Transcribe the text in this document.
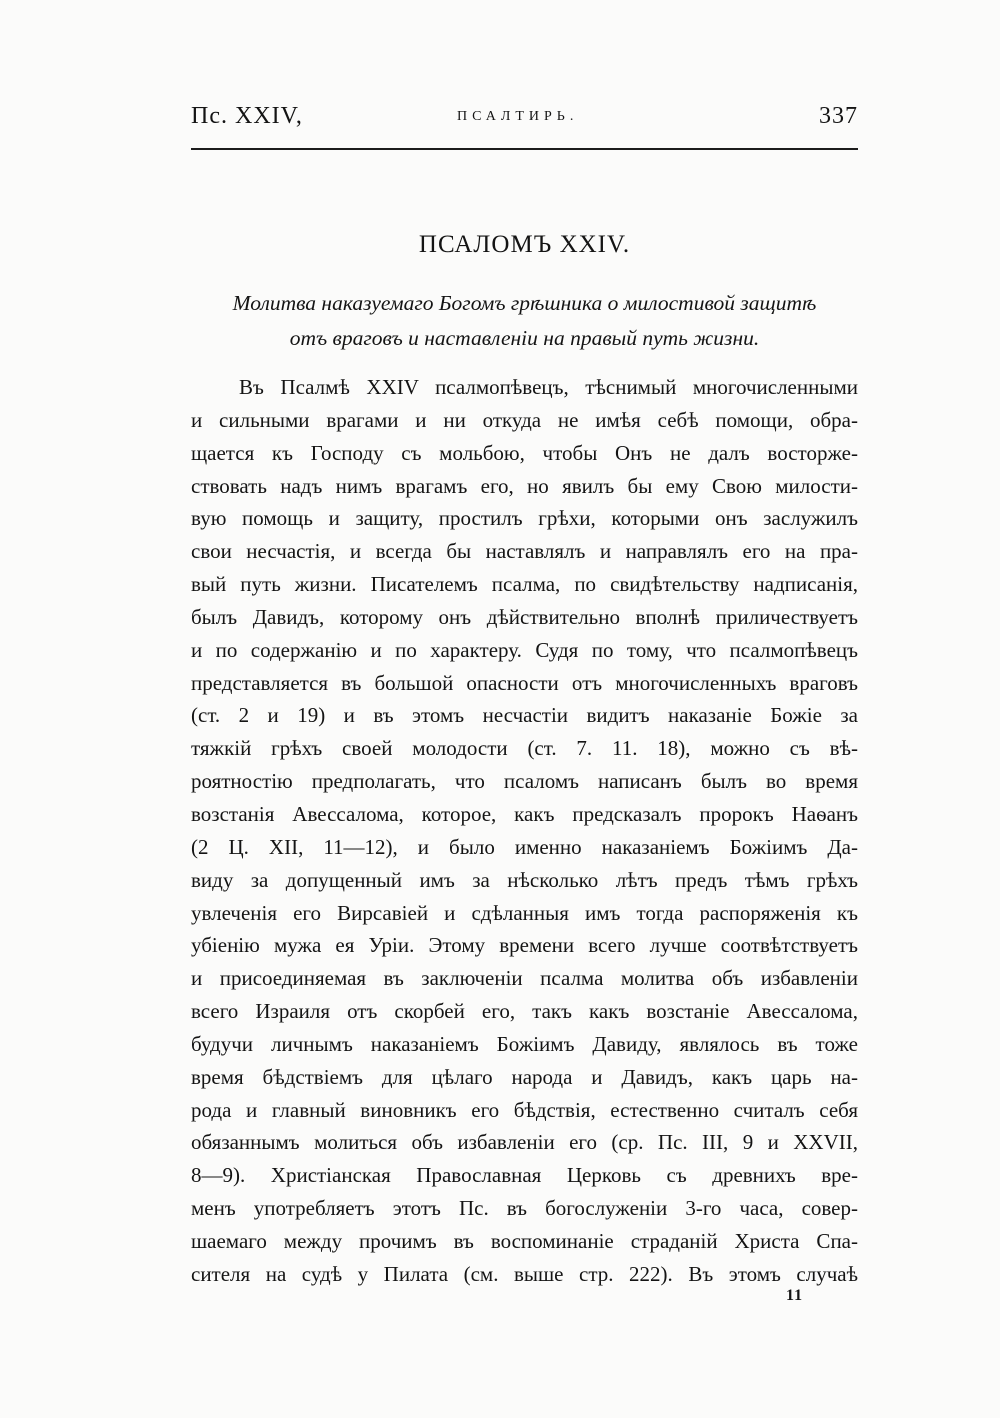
Пс. XXIV,	ПСАЛТИРЬ.	337
ПСАЛОМЪ XXIV.
Молитва наказуемаго Богомъ грѣшника о милостивой защитѣ
отъ враговъ и наставленіи на правый путь жизни.
Въ Псалмѣ XXIV псалмопѣвецъ, тѣснимый многочисленными
и сильными врагами и ни откуда не имѣя себѣ помощи, обра-
щается къ Господу съ мольбою, чтобы Онъ не далъ восторже-
ствовать надъ нимъ врагамъ его, но явилъ бы ему Свою милости-
вую помощь и защиту, простилъ грѣхи, которыми онъ заслужилъ
свои несчастія, и всегда бы наставлялъ и направлялъ его на пра-
вый путь жизни. Писателемъ псалма, по свидѣтельству надписанія,
былъ Давидъ, которому онъ дѣйствительно вполнѣ приличествуетъ
и по содержанію и по характеру. Судя по тому, что псалмопѣвецъ
представляется въ большой опасности отъ многочисленныхъ враговъ
(ст. 2 и 19) и въ этомъ несчастіи видитъ наказаніе Божіе за
тяжкій грѣхъ своей молодости (ст. 7. 11. 18), можно съ вѣ-
роятностію предполагать, что псаломъ написанъ былъ во время
возстанія Авессалома, которое, какъ предсказалъ пророкъ Наѳанъ
(2 Ц. XII, 11—12), и было именно наказаніемъ Божіимъ Да-
виду за допущенный имъ за нѣсколько лѣтъ предъ тѣмъ грѣхъ
увлеченія его Вирсавіей и сдѣланныя имъ тогда распоряженія къ
убіенію мужа ея Уріи. Этому времени всего лучше соотвѣтствуетъ
и присоединяемая въ заключеніи псалма молитва объ избавленіи
всего Израиля отъ скорбей его, такъ какъ возстаніе Авессалома,
будучи личнымъ наказаніемъ Божіимъ Давиду, являлось въ тоже
время бѣдствіемъ для цѣлаго народа и Давидъ, какъ царь на-
рода и главный виновникъ его бѣдствія, естественно считалъ себя
обязаннымъ молиться объ избавленіи его (ср. Пс. III, 9 и XXVII,
8—9). Христіанская Православная Церковь съ древнихъ вре-
менъ употребляетъ этотъ Пс. въ богослуженіи 3-го часа, совер-
шаемаго между прочимъ въ воспоминаніе страданій Христа Спа-
сителя на судѣ у Пилата (см. выше стр. 222). Въ этомъ случаѣ
11
